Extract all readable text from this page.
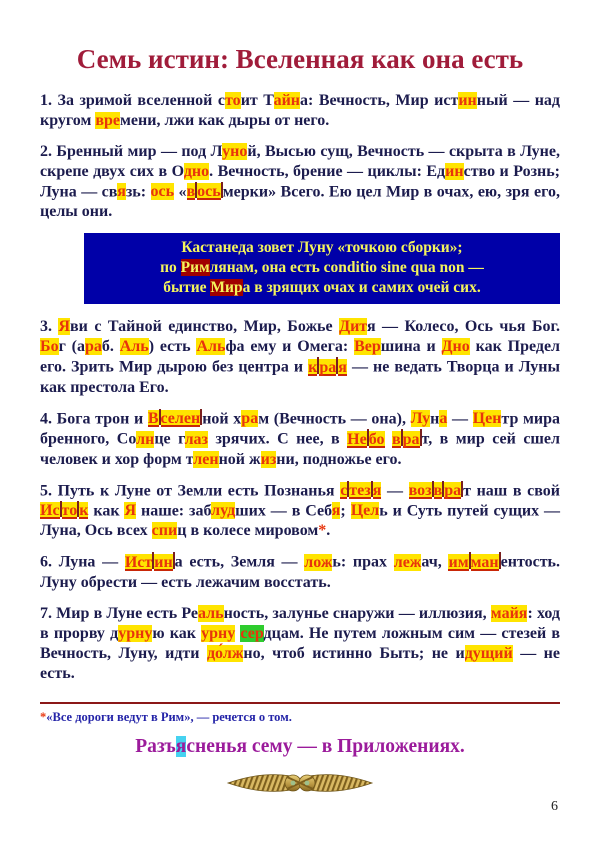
Семь истин: Вселенная как она есть

1. За зримой вселенной стоит Тайна: Вечность, Мир истинный — над кругом времени, лжи как дыры от него.

2. Бренный мир — под Луной, Высью сущ, Вечность — скрыта в Луне, скрепе двух сих в Одно. Вечность, брение — циклы: Единство и Рознь; Луна — связь: ось «в ось мерки» Всего. Ею цел Мир в очах, ею, зря его, целы они.

Кастанеда зовет Луну «точкою сборки»;
по Римлянам, она есть conditio sine qua non —
бытие Мира в зрящих очах и самих очей сих.

3. Яви с Тайной единство, Мир, Божье Дитя — Колесо, Ось чья Бог. Бог (араб. Аль) есть Альфа ему и Омега: Вершина и Дно как Предел его. Зрить Мир дырою без центра и к ра я — не ведать Творца и Луны как престола Его.

4. Бога трон и В селен ной храм (Вечность — она), Луна — Центр мира бренного, Солнце глаз зрячих. С нее, в Не бо в ра т, в мир сей сшел человек и хор форм тленной жизни, подножье его.

5. Путь к Луне от Земли есть Познанья с тез я — воз в ра т наш в свой Ис то к как Я наше: заблудших — в Себя; Цель и Суть путей сущих — Луна, Ось всех спиц в колесе мировом*.

6. Луна — Ист ин а есть, Земля — ложь: прах лежач, им ман ентость. Луну обрести — есть лежачим восстать.

7. Мир в Луне есть Реальность, залунье снаружи — иллюзия, майя: ход в прорву дурную как урну сердцам. Не путем ложным сим — стезей в Вечность, Луну, идти до́лжно, чтоб истинно Быть; не идущий — не есть.

*«Все дороги ведут в Рим», — речется о том.

Разъясненья сему — в Приложениях.

6
